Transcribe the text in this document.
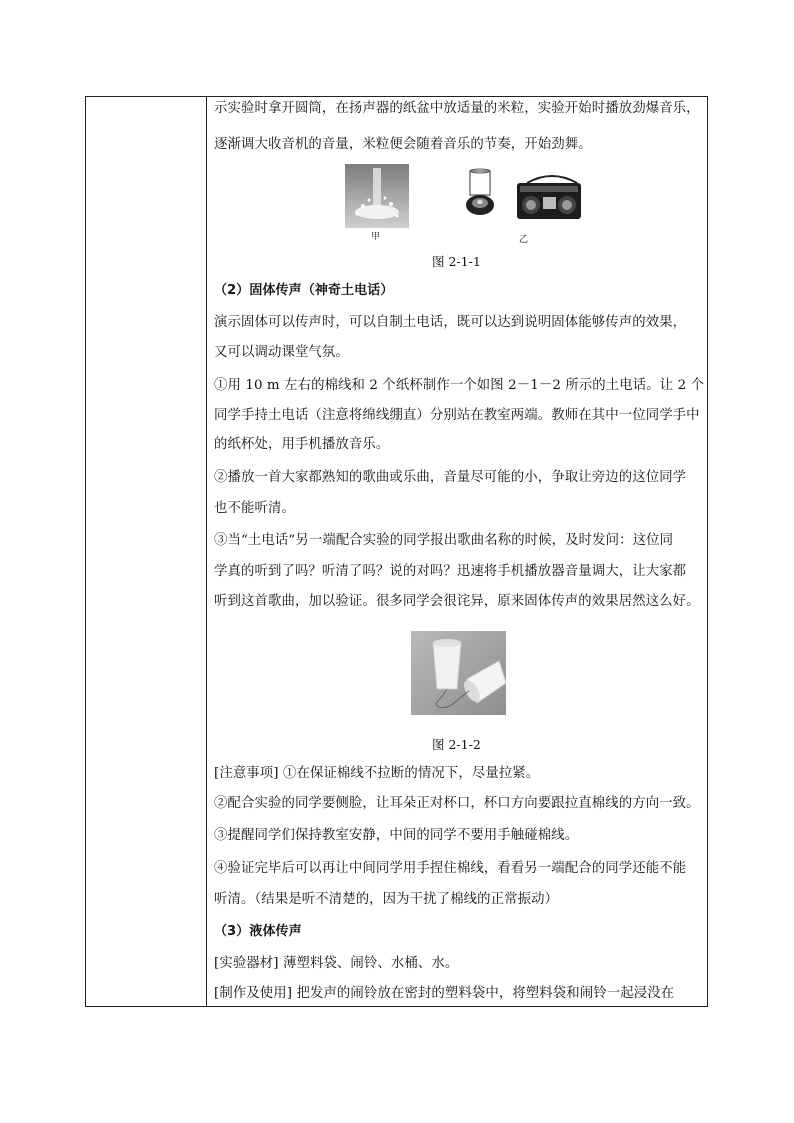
示实验时拿开圆筒，在扬声器的纸盆中放适量的米粒，实验开始时播放劲爆音乐，
逐渐调大收音机的音量，米粒便会随着音乐的节奏，开始劲舞。
甲	乙
图 2-1-1
（2）固体传声（神奇土电话）
演示固体可以传声时，可以自制土电话，既可以达到说明固体能够传声的效果，
又可以调动课堂气氛。
①用 10 m 左右的棉线和 2 个纸杯制作一个如图 2－1－2 所示的土电话。让 2 个
同学手持土电话（注意将绵线绷直）分别站在教室两端。教师在其中一位同学手中
的纸杯处，用手机播放音乐。
②播放一首大家都熟知的歌曲或乐曲，音量尽可能的小，争取让旁边的这位同学
也不能听清。
③当“土电话”另一端配合实验的同学报出歌曲名称的时候，及时发问：这位同
学真的听到了吗？听清了吗？说的对吗？迅速将手机播放器音量调大，让大家都
听到这首歌曲，加以验证。很多同学会很诧异，原来固体传声的效果居然这么好。
图 2-1-2
[注意事项] ①在保证棉线不拉断的情况下，尽量拉紧。
②配合实验的同学要侧脸，让耳朵正对杯口，杯口方向要跟拉直棉线的方向一致。
③提醒同学们保持教室安静，中间的同学不要用手触碰棉线。
④验证完毕后可以再让中间同学用手捏住棉线，看看另一端配合的同学还能不能
听清。（结果是听不清楚的，因为干扰了棉线的正常振动）
（3）液体传声
[实验器材] 薄塑料袋、闹铃、水桶、水。
[制作及使用] 把发声的闹铃放在密封的塑料袋中，将塑料袋和闹铃一起浸没在
